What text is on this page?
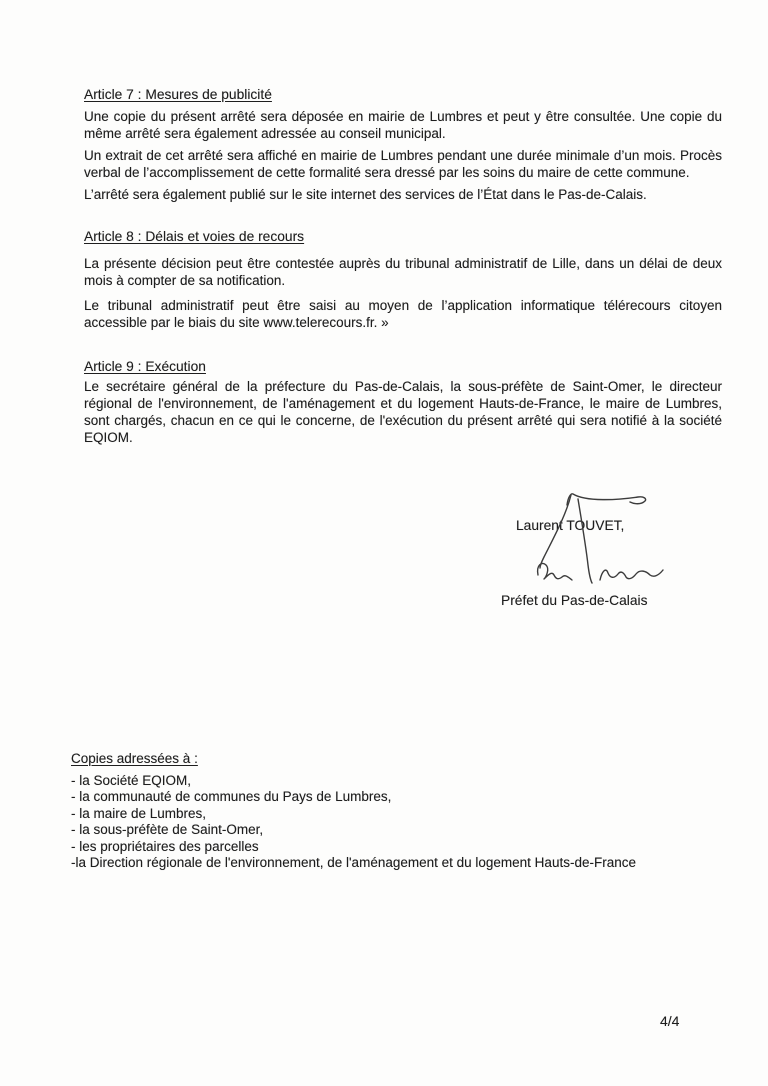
Article 7 : Mesures de publicité

Une copie du présent arrêté sera déposée en mairie de Lumbres et peut y être consultée. Une copie du même arrêté sera également adressée au conseil municipal.

Un extrait de cet arrêté sera affiché en mairie de Lumbres pendant une durée minimale d’un mois. Procès verbal de l’accomplissement de cette formalité sera dressé par les soins du maire de cette commune.

L’arrêté sera également publié sur le site internet des services de l’État dans le Pas-de-Calais.

Article 8 : Délais et voies de recours

La présente décision peut être contestée auprès du tribunal administratif de Lille, dans un délai de deux mois à compter de sa notification.

Le tribunal administratif peut être saisi au moyen de l’application informatique télérecours citoyen accessible par le biais du site www.telerecours.fr. »

Article 9 : Exécution

Le secrétaire général de la préfecture du Pas-de-Calais, la sous-préfète de Saint-Omer, le directeur régional de l'environnement, de l'aménagement et du logement Hauts-de-France, le maire de Lumbres, sont chargés, chacun en ce qui le concerne, de l'exécution du présent arrêté qui sera notifié à la société EQIOM.

Laurent TOUVET,
Préfet du Pas-de-Calais
Copies adressées à :
- la Société EQIOM,
- la communauté de communes du Pays de Lumbres,
- la maire de Lumbres,
- la sous-préfète de Saint-Omer,
- les propriétaires des parcelles
-la Direction régionale de l'environnement, de l'aménagement et du logement Hauts-de-France
4/4
